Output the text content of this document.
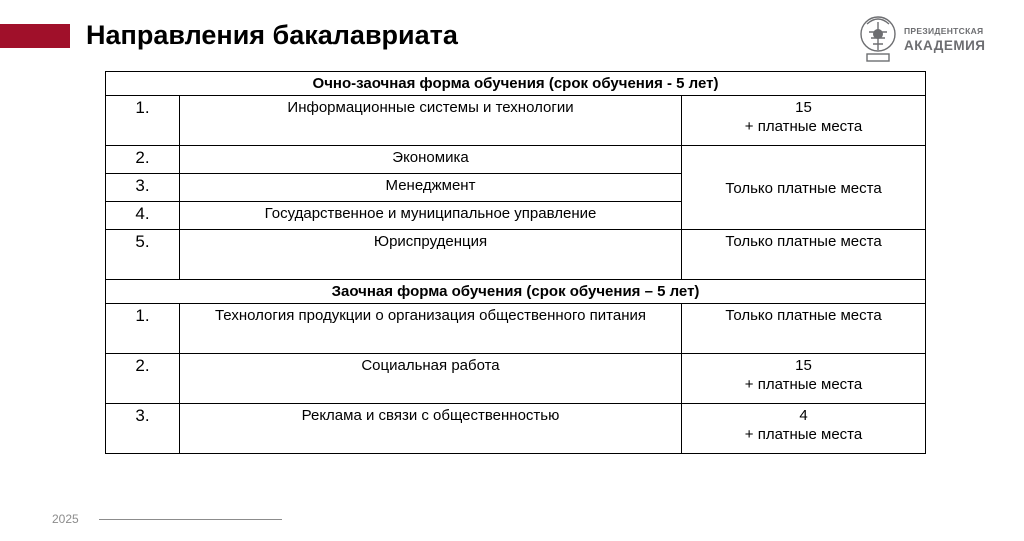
Направления бакалавриата	ПРЕЗИДЕНТСКАЯ
АКАДЕМИЯ
Очно-заочная форма обучения (срок обучения - 5 лет)		
1.	Информационные системы и технологии	15
+ платные места

2.	Экономика	Только платные места
3.	Менеджмент	
4.	Государственное и муниципальное управление	
5.	Юриспруденция	Только платные места
Заочная форма обучения (срок обучения – 5 лет)		
1.	Технология продукции о организация общественного питания	Только платные места
2.	Социальная работа	15
+ платные места

3.	Реклама и связи с общественностью	4
+ платные места
2025
